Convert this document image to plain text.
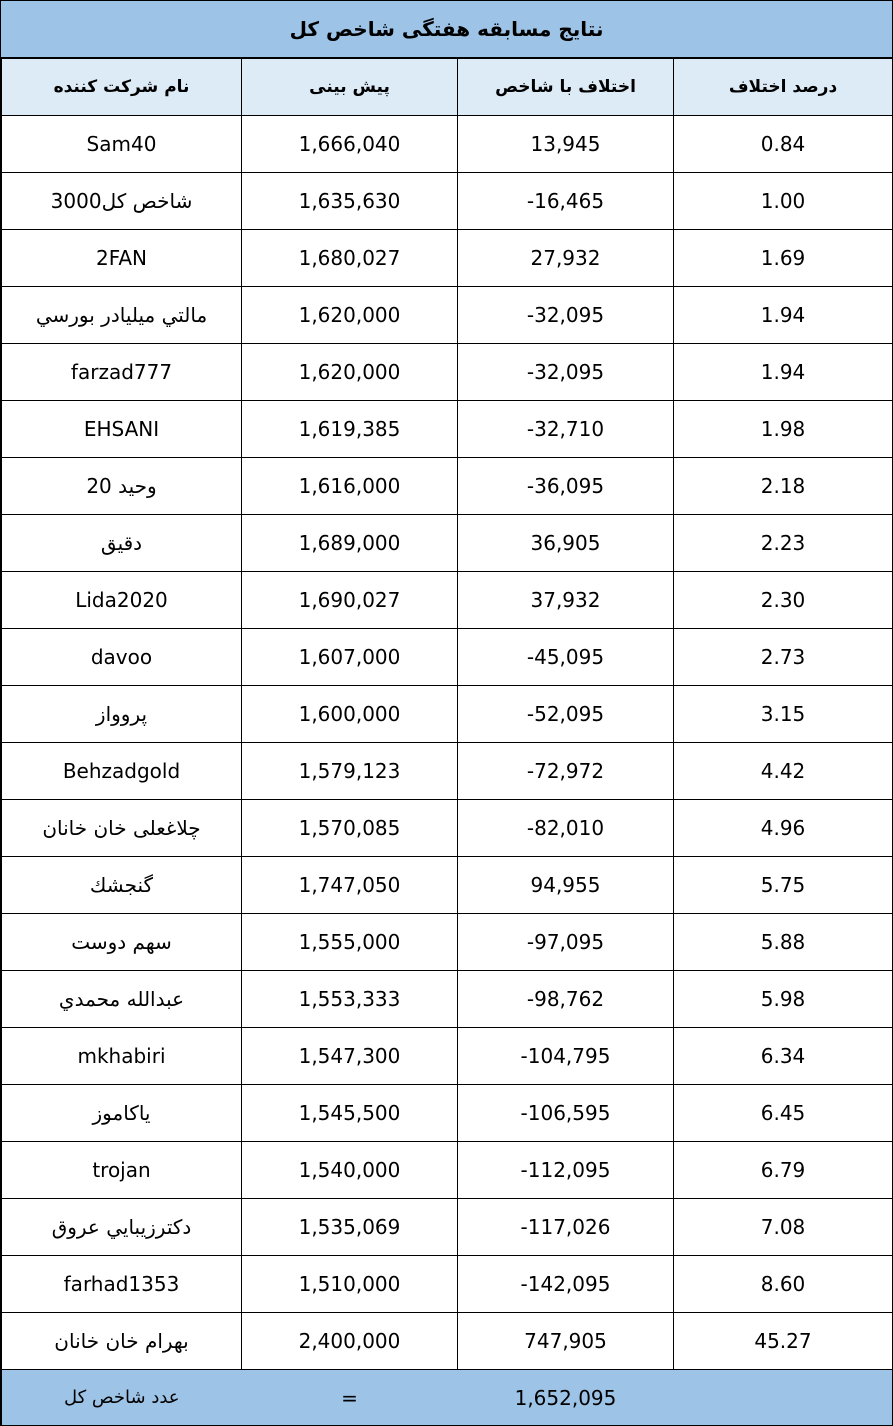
نتايج مسابقه هفتگی شاخص كل
نام شركت كننده	پيش بينی	اختلاف با شاخص	درصد اختلاف
Sam40	1,666,040	13,945	0.84
شاخص كل3000	1,635,630	-16,465	1.00
2FAN	1,680,027	27,932	1.69
مالتي ميليادر بورسي	1,620,000	-32,095	1.94
farzad777	1,620,000	-32,095	1.94
EHSANI	1,619,385	-32,710	1.98
وحيد 20	1,616,000	-36,095	2.18
دقيق	1,689,000	36,905	2.23
Lida2020	1,690,027	37,932	2.30
davoo	1,607,000	-45,095	2.73
پروواز	1,600,000	-52,095	3.15
Behzadgold	1,579,123	-72,972	4.42
چلاغعلی خان خانان	1,570,085	-82,010	4.96
گنجشك	1,747,050	94,955	5.75
سهم دوست	1,555,000	-97,095	5.88
عبدالله محمدي	1,553,333	-98,762	5.98
mkhabiri	1,547,300	-104,795	6.34
ياكاموز	1,545,500	-106,595	6.45
trojan	1,540,000	-112,095	6.79
دكترزيبايي عروق	1,535,069	-117,026	7.08
farhad1353	1,510,000	-142,095	8.60
بهرام خان خانان	2,400,000	747,905	45.27
عدد شاخص كل	=	1,652,095	
